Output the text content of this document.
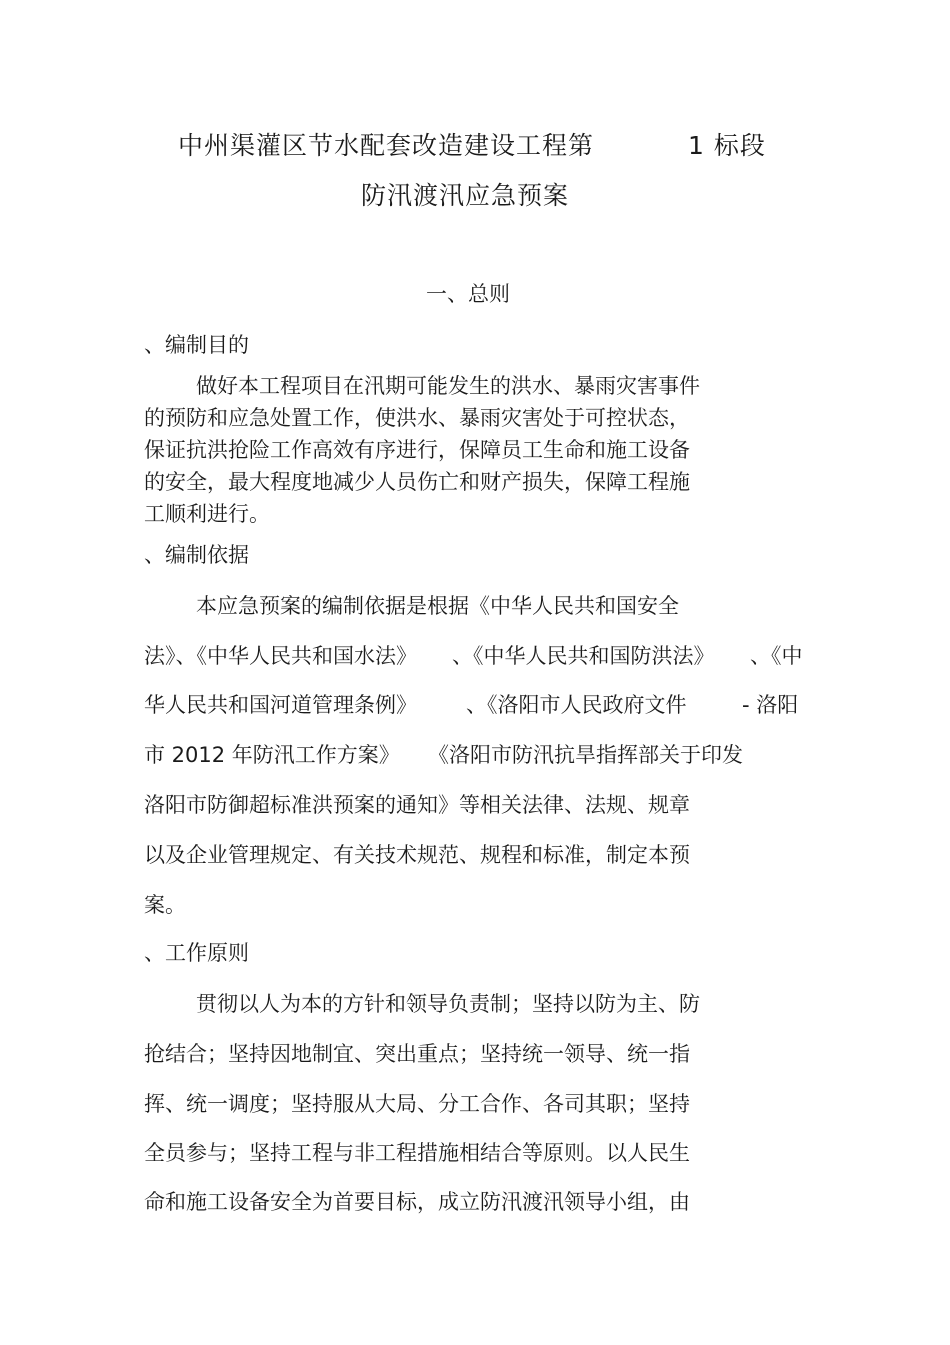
中州渠灌区节水配套改造建设工程第	1 标段
防汛渡汛应急预案
一、总则
、编制目的
做好本工程项目在汛期可能发生的洪水、暴雨灾害事件
的预防和应急处置工作，使洪水、暴雨灾害处于可控状态，
保证抗洪抢险工作高效有序进行，保障员工生命和施工设备
的安全，最大程度地减少人员伤亡和财产损失，保障工程施
工顺利进行。
、编制依据
本应急预案的编制依据是根据《中华人民共和国安全
法》、《中华人民共和国水法》 、《中华人民共和国防洪法》 、《中
华人民共和国河道管理条例》 、《洛阳市人民政府文件	- 洛阳
市 2012 年防汛工作方案》 《洛阳市防汛抗旱指挥部关于印发
洛阳市防御超标准洪预案的通知》等相关法律、法规、规章
以及企业管理规定、有关技术规范、规程和标准，制定本预
案。
、工作原则
贯彻以人为本的方针和领导负责制；坚持以防为主、防
抢结合；坚持因地制宜、突出重点；坚持统一领导、统一指
挥、统一调度；坚持服从大局、分工合作、各司其职；坚持
全员参与；坚持工程与非工程措施相结合等原则。以人民生
命和施工设备安全为首要目标，成立防汛渡汛领导小组，由
